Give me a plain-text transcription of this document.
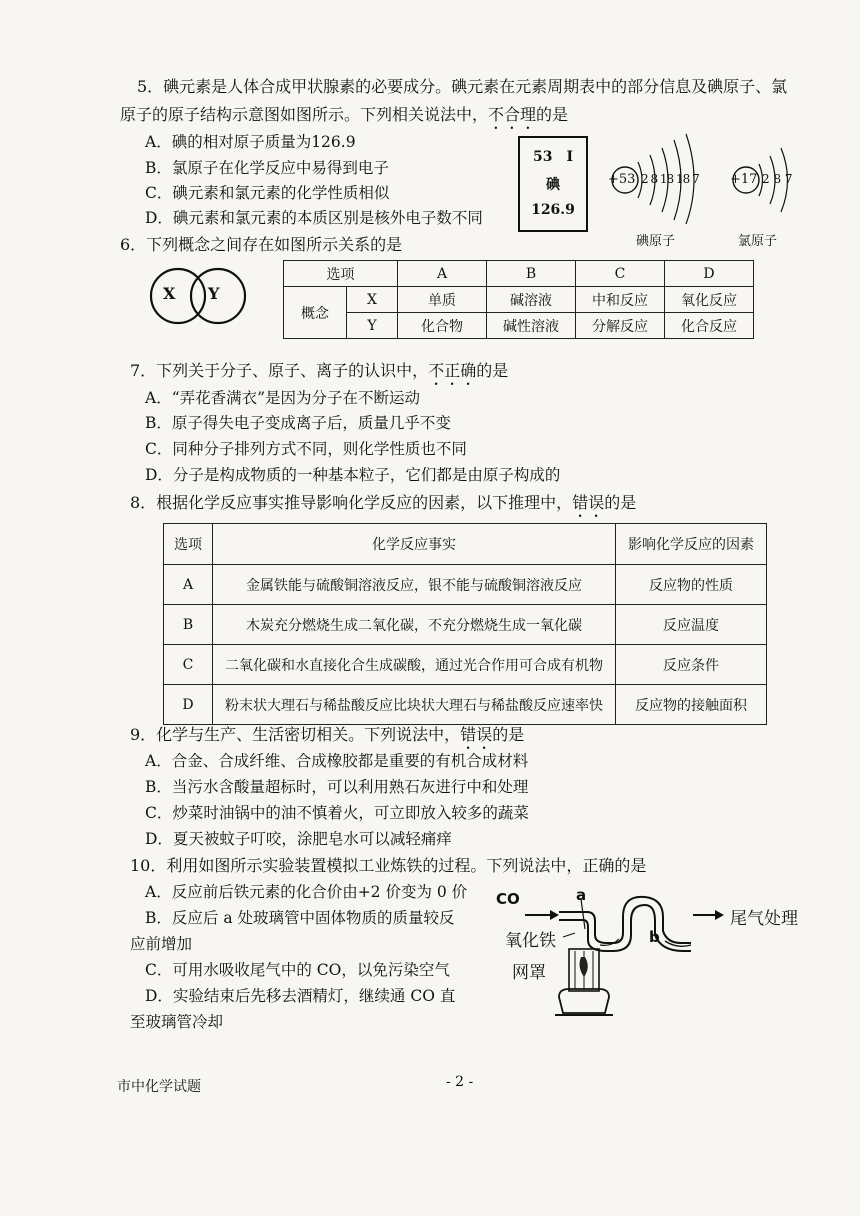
5．碘元素是人体合成甲状腺素的必要成分。碘元素在元素周期表中的部分信息及碘原子、氯
原子的原子结构示意图如图所示。下列相关说法中，不合理的是
A．碘的相对原子质量为126.9
B．氯原子在化学反应中易得到电子
C．碘元素和氯元素的化学性质相似
D．碘元素和氯元素的本质区别是核外电子数不同
53　I
碘
126.9
+53 2 8 18 18 7 +17 2 8 7
碘原子	氯原子
6．下列概念之间存在如图所示关系的是
X Y
选项		A	B	C	D
概念	X	单质	碱溶液	中和反应	氧化反应
	Y	化合物	碱性溶液	分解反应	化合反应
7．下列关于分子、原子、离子的认识中，不正确的是
A．“弄花香满衣”是因为分子在不断运动
B．原子得失电子变成离子后，质量几乎不变
C．同种分子排列方式不同，则化学性质也不同
D．分子是构成物质的一种基本粒子，它们都是由原子构成的
8．根据化学反应事实推导影响化学反应的因素，以下推理中，错误的是
选项	化学反应事实	影响化学反应的因素
A	金属铁能与硫酸铜溶液反应，银不能与硫酸铜溶液反应	反应物的性质
B	木炭充分燃烧生成二氧化碳，不充分燃烧生成一氧化碳	反应温度
C	二氧化碳和水直接化合生成碳酸，通过光合作用可合成有机物	反应条件
D	粉末状大理石与稀盐酸反应比块状大理石与稀盐酸反应速率快	反应物的接触面积
9．化学与生产、生活密切相关。下列说法中，错误的是
A．合金、合成纤维、合成橡胶都是重要的有机合成材料
B．当污水含酸量超标时，可以利用熟石灰进行中和处理
C．炒菜时油锅中的油不慎着火，可立即放入较多的蔬菜
D．夏天被蚊子叮咬，涂肥皂水可以减轻痛痒
10．利用如图所示实验装置模拟工业炼铁的过程。下列说法中，正确的是
A．反应前后铁元素的化合价由+2 价变为 0 价
B．反应后 a 处玻璃管中固体物质的质量较反
应前增加
C．可用水吸收尾气中的 CO，以免污染空气
D．实验结束后先移去酒精灯，继续通 CO 直
至玻璃管冷却
CO	a
b
尾气处理
氧化铁
网罩
市中化学试题	- 2 -
